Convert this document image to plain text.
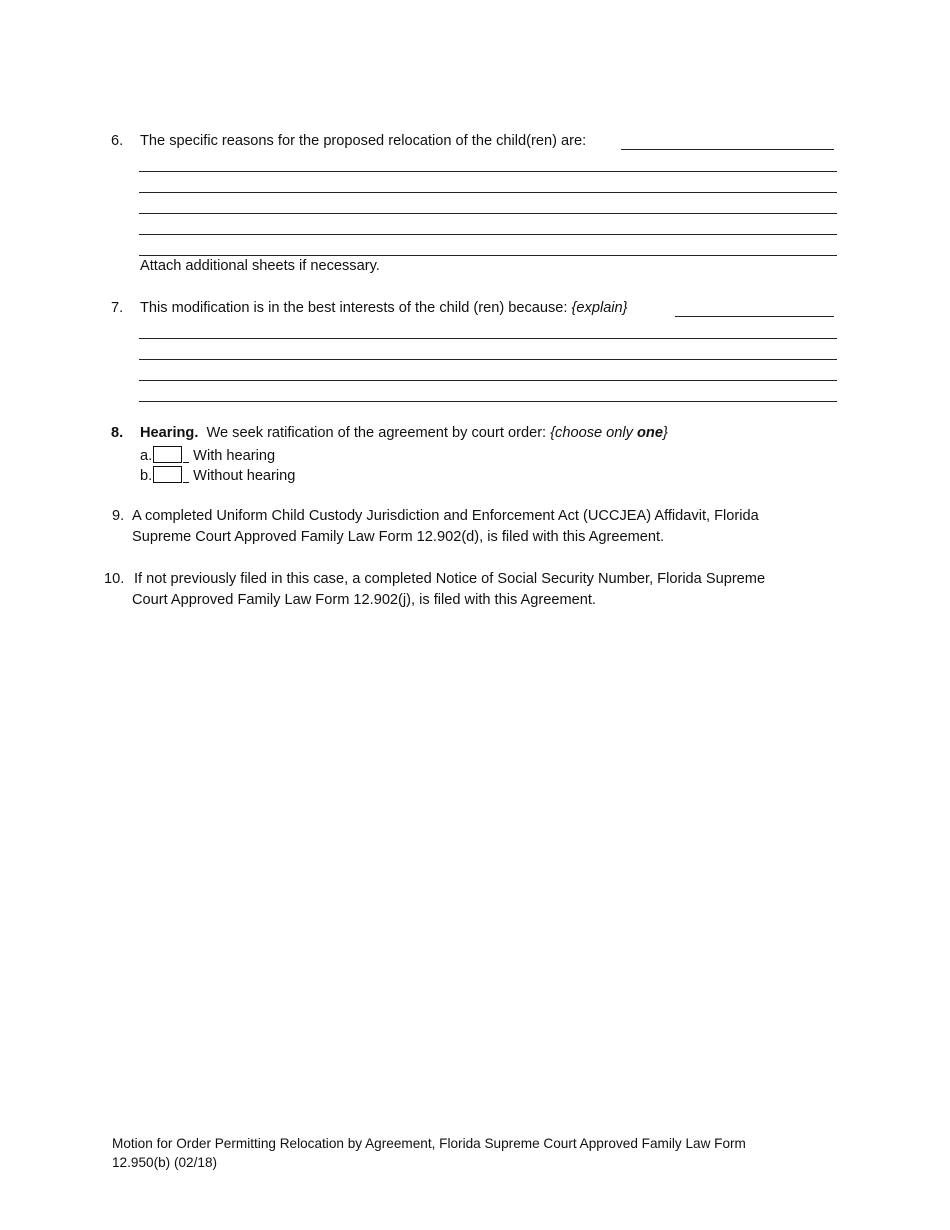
6. The specific reasons for the proposed relocation of the child(ren) are:
Attach additional sheets if necessary.
7. This modification is in the best interests of the child (ren) because: {explain}
8. Hearing. We seek ratification of the agreement by court order: {choose only one}
a.	With hearing
b.	Without hearing
9. A completed Uniform Child Custody Jurisdiction and Enforcement Act (UCCJEA) Affidavit, Florida
Supreme Court Approved Family Law Form 12.902(d), is filed with this Agreement.
10. If not previously filed in this case, a completed Notice of Social Security Number, Florida Supreme
Court Approved Family Law Form 12.902(j), is filed with this Agreement.
Motion for Order Permitting Relocation by Agreement, Florida Supreme Court Approved Family Law Form
12.950(b) (02/18)
